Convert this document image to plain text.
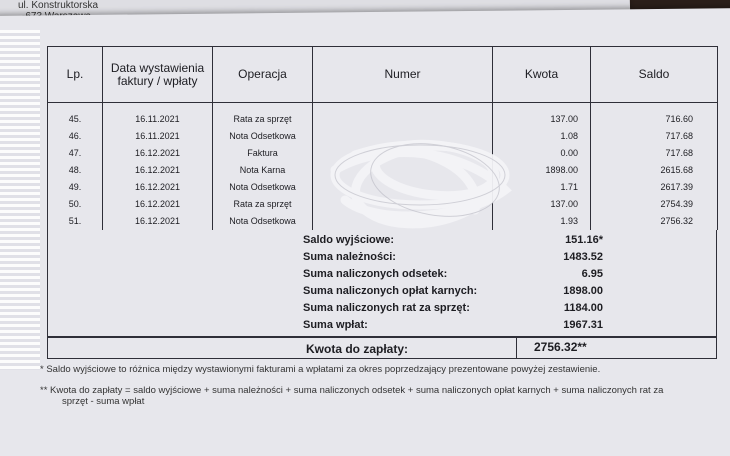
ul. Konstruktorska
Lp.	Data wystawienia faktury / wpłaty	Operacja	Numer	Kwota	Saldo
45.	16.11.2021	Rata za sprzęt		137.00	716.60
46.	16.11.2021	Nota Odsetkowa		1.08	717.68
47.	16.12.2021	Faktura		0.00	717.68
48.	16.12.2021	Nota Karna		1898.00	2615.68
49.	16.12.2021	Nota Odsetkowa		1.71	2617.39
50.	16.12.2021	Rata za sprzęt		137.00	2754.39
51.	16.12.2021	Nota Odsetkowa		1.93	2756.32
Saldo wyjściowe:	151.16*
Suma należności:	1483.52
Suma naliczonych odsetek:	6.95
Suma naliczonych opłat karnych:	1898.00
Suma naliczonych rat za sprzęt:	1184.00
Suma wpłat:	1967.31
Kwota do zapłaty:	2756.32**

* Saldo wyjściowe to różnica między wystawionymi fakturami a wpłatami za okres poprzedzający prezentowane powyżej zestawienie.

** Kwota do zapłaty = saldo wyjściowe + suma należności + suma naliczonych odsetek + suma naliczonych opłat karnych + suma naliczonych rat za sprzęt - suma wpłat
